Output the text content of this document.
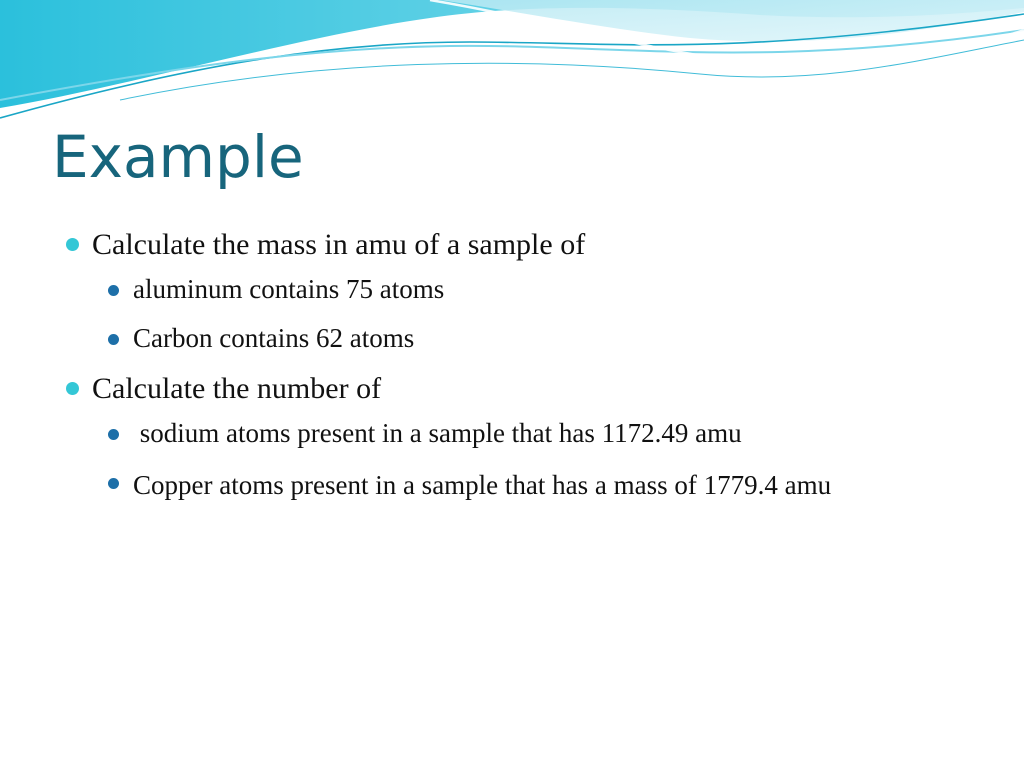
Example
Calculate the mass in amu of a sample of
aluminum contains 75 atoms
Carbon contains 62 atoms
Calculate the number of
sodium atoms present in a sample that has 1172.49 amu
Copper atoms present in a sample that has a mass of 1779.4 amu
